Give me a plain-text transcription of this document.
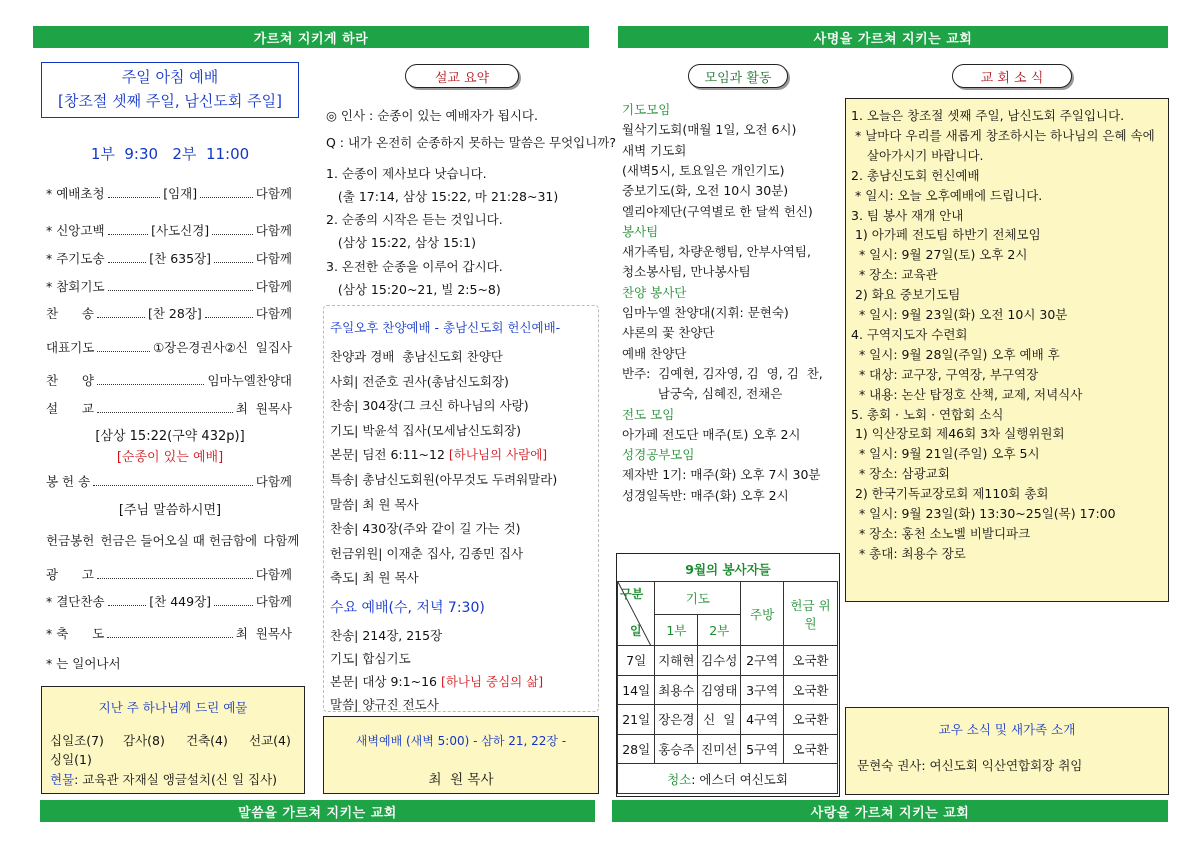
가르쳐 지키게 하라	사명을 가르쳐 지키는 교회
말씀을 가르쳐 지키는 교회	사랑을 가르쳐 지키는 교회
주일 아침 예배
[창조절 셋째 주일, 남신도회 주일]
1부  9:30   2부  11:00
* 예배초청	[임재]	다함께
* 신앙고백	[사도신경]	다함께
* 주기도송	[찬 635장]	다함께
* 참회기도	다함께
찬      송	[찬 28장]	다함께
대표기도	①장은경권사②신  일집사
찬      양	임마누엘찬양대
설      교	최  원목사
[삼상 15:22(구약 432p)]
[순종이 있는 예배]
봉 헌 송	다함께
[주님 말씀하시면]
헌금봉헌 헌금은 들어오실 때 헌금함에 다함께
광      고	다함께
* 결단찬송	[찬 449장]	다함께
* 축      도	최  원목사
* 는 일어나서
지난 주 하나님께 드린 예물
십일조(7) 감사(8) 건축(4) 선교(4)
싱일(1)
현물: 교육관 자재실 앵글설치(신 일 집사)
설교 요약
◎ 인사 : 순종이 있는 예배자가 됩시다.
Q : 내가 온전히 순종하지 못하는 말씀은 무엇입니까?
1. 순종이 제사보다 낫습니다.
(출 17:14, 삼상 15:22, 마 21:28~31)
2. 순종의 시작은 듣는 것입니다.
(삼상 15:22, 삼상 15:1)
3. 온전한 순종을 이루어 갑시다.
(삼상 15:20~21, 빌 2:5~8)
주일오후 찬양예배 - 총남신도회 헌신예배-
찬양과 경배  총남신도회 찬양단
사회| 전준호 권사(총남신도회장)
찬송| 304장(그 크신 하나님의 사랑)
기도| 박윤석 집사(모세남신도회장)
본문| 딤전 6:11~12 [하나님의 사람에]
특송| 총남신도회원(아무것도 두려워말라)
말씀| 최 원 목사
찬송| 430장(주와 같이 길 가는 것)
헌금위원| 이재춘 집사, 김종민 집사
축도| 최 원 목사
수요 예배(수, 저녁 7:30)
찬송| 214장, 215장
기도| 합심기도
본문| 대상 9:1~16 [하나님 중심의 삶]
말씀| 양규진 전도사
새벽예배 (새벽 5:00) - 삼하 21, 22장 -
최  원 목사
모임과 활동
기도모임
월삭기도회(매월 1일, 오전 6시)
새벽 기도회
(새벽5시, 토요일은 개인기도)
중보기도(화, 오전 10시 30분)
엘리야제단(구역별로 한 달씩 헌신)
봉사팀
새가족팀, 차량운행팀, 안부사역팀,
청소봉사팀, 만나봉사팀
찬양 봉사단
임마누엘 찬양대(지휘: 문현숙)
샤론의 꽃 찬양단
예배 찬양단
반주:  김예현, 김자영, 김  영, 김  찬,
남궁숙, 심혜진, 전채은
전도 모임
아가페 전도단 매주(토) 오후 2시
성경공부모임
제자반 1기: 매주(화) 오후 7시 30분
성경일독반: 매주(화) 오후 2시
9월의 봉사자들
구분
일	기도		주방	헌금 위원
	1부	2부		
7일	지해현	김수성	2구역	오국환
14일	최용수	김영태	3구역	오국환
21일	장은경	신  일	4구역	오국환
28일	홍승주	진미선	5구역	오국환
청소: 에스더 여신도회				
교 회 소 식
1. 오늘은 창조절 셋째 주일, 남신도회 주일입니다.
* 날마다 우리를 새롭게 창조하시는 하나님의 은혜 속에
살아가시기 바랍니다.
2. 총남신도회 헌신예배
* 일시: 오늘 오후예배에 드립니다.
3. 팀 봉사 재개 안내
1) 아가페 전도팀 하반기 전체모임
* 일시: 9월 27일(토) 오후 2시
* 장소: 교육관
2) 화요 중보기도팀
* 일시: 9월 23일(화) 오전 10시 30분
4. 구역지도자 수련회
* 일시: 9월 28일(주일) 오후 예배 후
* 대상: 교구장, 구역장, 부구역장
* 내용: 논산 탑정호 산책, 교제, 저녁식사
5. 총회 · 노회 · 연합회 소식
1) 익산장로회 제46회 3차 실행위원회
* 일시: 9월 21일(주일) 오후 5시
* 장소: 삼광교회
2) 한국기독교장로회 제110회 총회
* 일시: 9월 23일(화) 13:30~25일(목) 17:00
* 장소: 홍천 소노벨 비발디파크
* 총대: 최용수 장로
교우 소식 및 새가족 소개
문현숙 권사: 여신도회 익산연합회장 취임
